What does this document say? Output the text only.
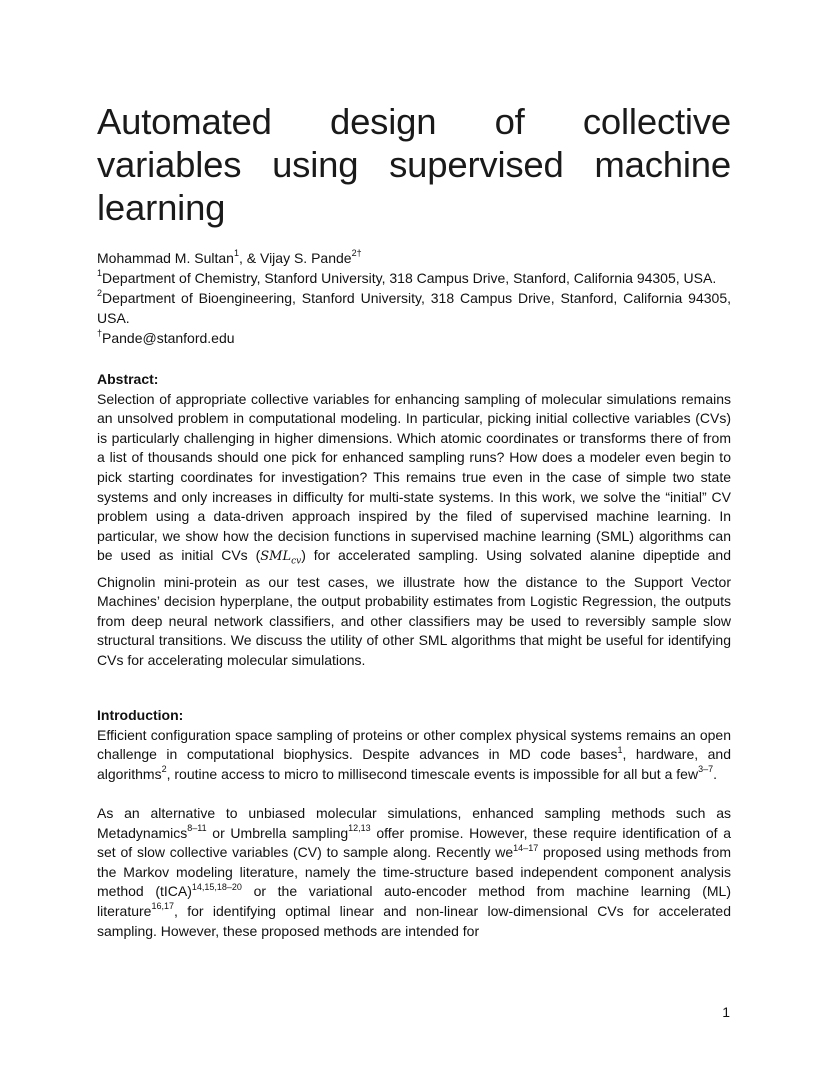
Automated design of collective variables using supervised machine learning

Mohammad M. Sultan$^1$, & Vijay S. Pande$^{2\dagger}$

$^1$Department of Chemistry, Stanford University, 318 Campus Drive, Stanford, California 94305, USA.

$^2$Department of Bioengineering, Stanford University, 318 Campus Drive, Stanford, California 94305, USA.

†Pande@stanford.edu

Abstract:

Selection of appropriate collective variables for enhancing sampling of molecular simulations remains an unsolved problem in computational modeling. In particular, picking initial collective variables (CVs) is particularly challenging in higher dimensions. Which atomic coordinates or transforms there of from a list of thousands should one pick for enhanced sampling runs? How does a modeler even begin to pick starting coordinates for investigation? This remains true even in the case of simple two state systems and only increases in difficulty for multi-state systems. In this work, we solve the “initial” CV problem using a data-driven approach inspired by the filed of supervised machine learning. In particular, we show how the decision functions in supervised machine learning (SML) algorithms can be used as initial CVs $(SML_{cv})$ for accelerated sampling. Using solvated alanine dipeptide and Chignolin mini-protein as our test cases, we illustrate how the distance to the Support Vector Machines’ decision hyperplane, the output probability estimates from Logistic Regression, the outputs from deep neural network classifiers, and other classifiers may be used to reversibly sample slow structural transitions. We discuss the utility of other SML algorithms that might be useful for identifying CVs for accelerating molecular simulations.

Introduction:

Efficient configuration space sampling of proteins or other complex physical systems remains an open challenge in computational biophysics. Despite advances in MD code bases$^1$, hardware, and algorithms$^2$, routine access to micro to millisecond timescale events is impossible for all but a few$^{3-7}$.

As an alternative to unbiased molecular simulations, enhanced sampling methods such as Metadynamics$^{8-11}$ or Umbrella sampling$^{12,13}$ offer promise. However, these require identification of a set of slow collective variables (CV) to sample along. Recently $we^{14-17}$ proposed using methods from the Markov modeling literature, namely the time-structure based independent component analysis method (tICA)$^{14,15,18-20}$ or the variational auto-encoder method from machine learning (ML) literature$^{16,17}$, for identifying optimal linear and non-linear low-dimensional CVs for accelerated sampling. However, these proposed methods are intended for

1
